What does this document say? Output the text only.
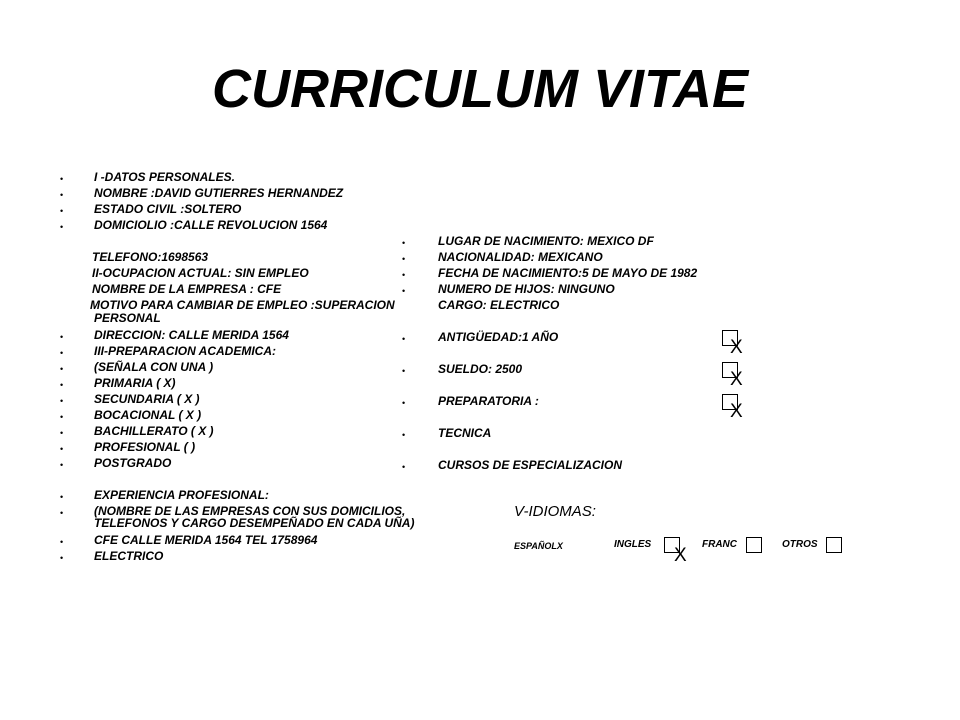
CURRICULUM VITAE
•	I -DATOS PERSONALES.
•	NOMBRE :DAVID GUTIERRES HERNANDEZ
•	ESTADO CIVIL :SOLTERO
•	DOMICIOLIO :CALLE REVOLUCION 1564
•	LUGAR DE NACIMIENTO: MEXICO DF
TELEFONO:1698563	•	NACIONALIDAD: MEXICANO
II-OCUPACION ACTUAL: SIN EMPLEO	•	FECHA DE NACIMIENTO:5 DE MAYO DE 1982
NOMBRE DE LA EMPRESA : CFE	•	NUMERO DE HIJOS: NINGUNO
MOTIVO PARA CAMBIAR DE EMPLEO :SUPERACION	CARGO: ELECTRICO
PERSONAL
•	DIRECCION: CALLE MERIDA 1564	•	ANTIGÜEDAD:1 AÑO
•	III-PREPARACION ACADEMICA:
•	(SEÑALA CON UNA )	•	SUELDO: 2500
•	PRIMARIA ( X)
•	SECUNDARIA ( X )	•	PREPARATORIA :
•	BOCACIONAL ( X )
•	BACHILLERATO ( X )	•	TECNICA
•	PROFESIONAL ( )
•	POSTGRADO	•	CURSOS DE ESPECIALIZACION
X
X
X
•	EXPERIENCIA PROFESIONAL:
•	(NOMBRE DE LAS EMPRESAS CON SUS DOMICILIOS,
TELEFONOS Y CARGO DESEMPEÑADO EN CADA UÑA)
•	CFE CALLE MERIDA 1564 TEL 1758964
•	ELECTRICO
V-IDIOMAS:
ESPAÑOLX	INGLES
X
FRANC	OTROS
